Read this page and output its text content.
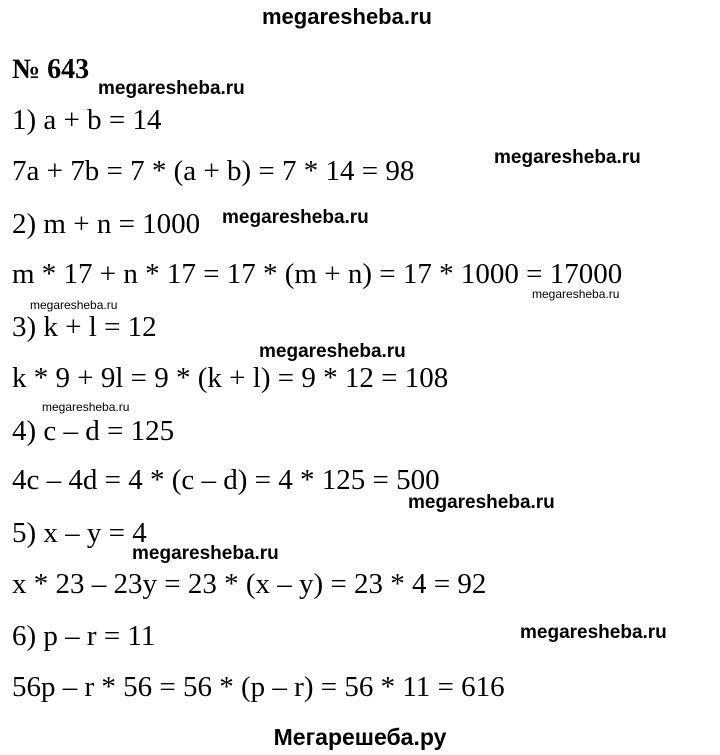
megaresheba.ru
№ 643
megaresheba.ru
megaresheba.ru
megaresheba.ru
megaresheba.ru
megaresheba.ru
megaresheba.ru
megaresheba.ru
megaresheba.ru
megaresheba.ru
megaresheba.ru
1) a + b = 14
7a + 7b = 7 * (a + b) = 7 * 14 = 98
2) m + n = 1000
m * 17 + n * 17 = 17 * (m + n) = 17 * 1000 = 17000
3) k + l = 12
k * 9 + 9l = 9 * (k + l) = 9 * 12 = 108
4) c – d = 125
4c – 4d = 4 * (c – d) = 4 * 125 = 500
5) x – y = 4
x * 23 – 23y = 23 * (x – y) = 23 * 4 = 92
6) p – r = 11
56p – r * 56 = 56 * (p – r) = 56 * 11 = 616
Мегарешеба.ру
